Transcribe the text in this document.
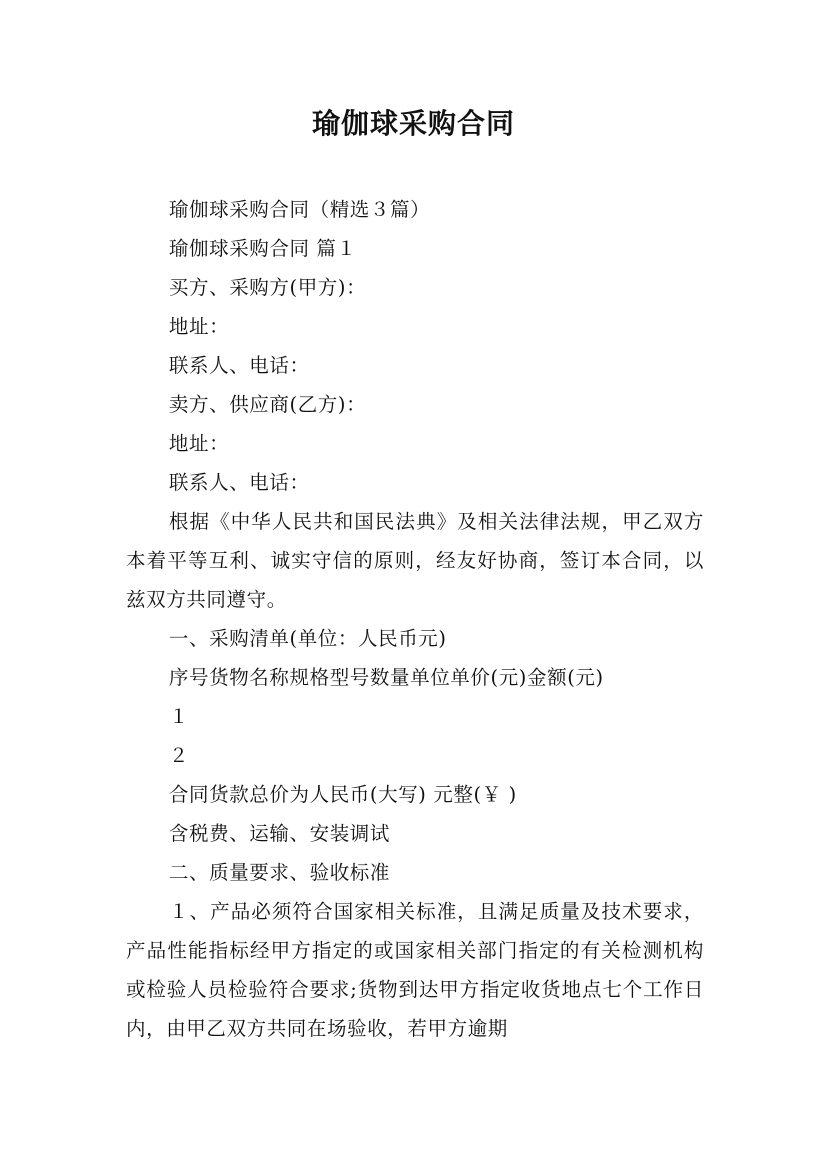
瑜伽球采购合同

瑜伽球采购合同（精选３篇）

瑜伽球采购合同 篇１

买方、采购方(甲方)：

地址：

联系人、电话：

卖方、供应商(乙方)：

地址：

联系人、电话：

根据《中华人民共和国民法典》及相关法律法规，甲乙双方本着平等互利、诚实守信的原则，经友好协商，签订本合同，以兹双方共同遵守。

一、采购清单(单位：人民币元)

序号货物名称规格型号数量单位单价(元)金额(元)

１

２

合同货款总价为人民币(大写) 元整(￥ )

含税费、运输、安装调试

二、质量要求、验收标准

１、产品必须符合国家相关标准，且满足质量及技术要求，产品性能指标经甲方指定的或国家相关部门指定的有关检测机构或检验人员检验符合要求;货物到达甲方指定收货地点七个工作日内，由甲乙双方共同在场验收，若甲方逾期
